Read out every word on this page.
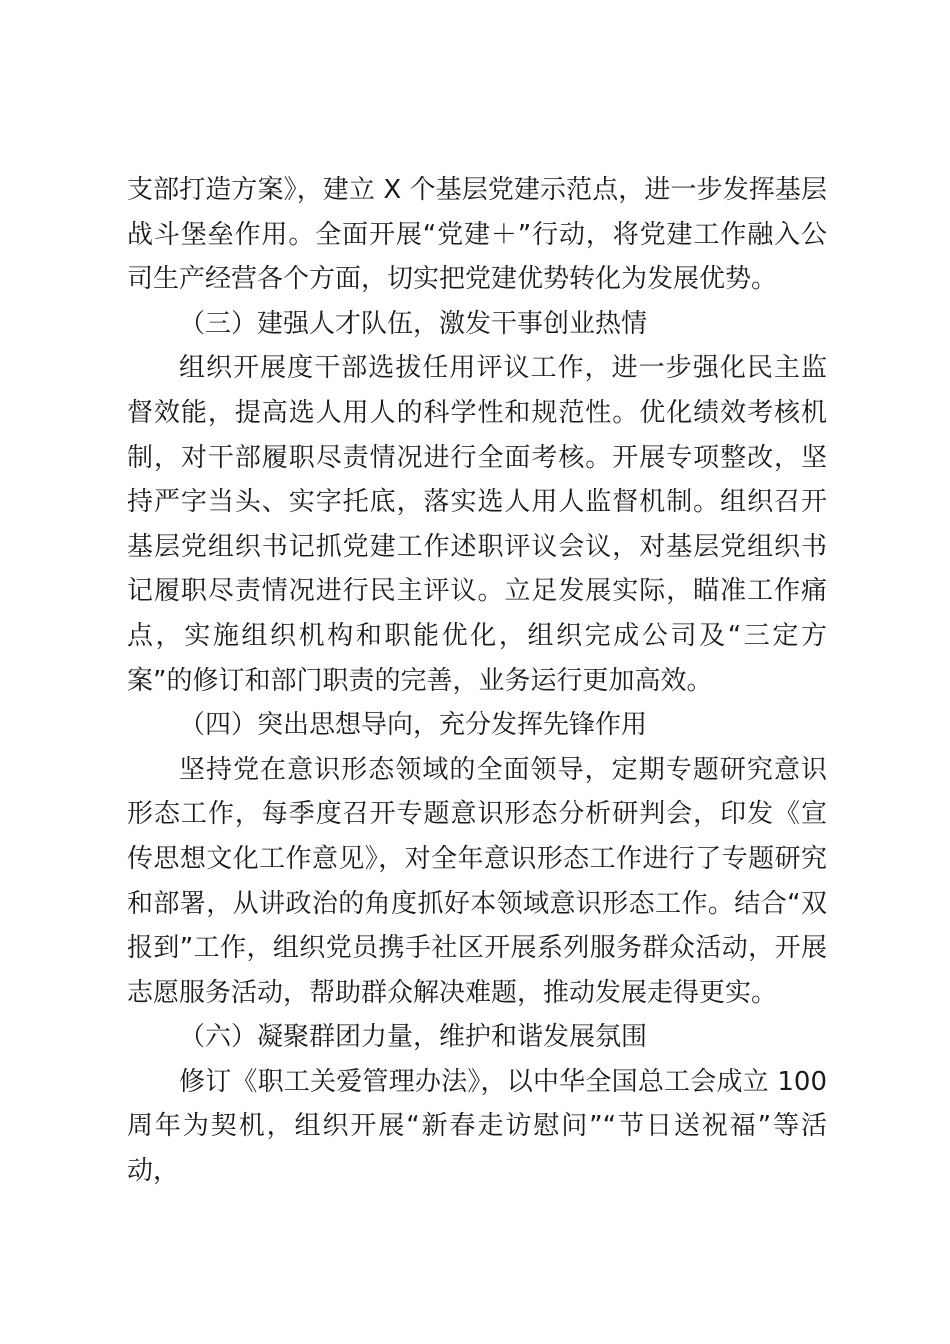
支部打造方案》，建立 X 个基层党建示范点，进一步发挥基层战斗堡垒作用。全面开展“党建＋”行动，将党建工作融入公司生产经营各个方面，切实把党建优势转化为发展优势。

（三）建强人才队伍，激发干事创业热情

组织开展度干部选拔任用评议工作，进一步强化民主监督效能，提高选人用人的科学性和规范性。优化绩效考核机制，对干部履职尽责情况进行全面考核。开展专项整改，坚持严字当头、实字托底，落实选人用人监督机制。组织召开基层党组织书记抓党建工作述职评议会议，对基层党组织书记履职尽责情况进行民主评议。立足发展实际，瞄准工作痛点，实施组织机构和职能优化，组织完成公司及“三定方案”的修订和部门职责的完善，业务运行更加高效。

（四）突出思想导向，充分发挥先锋作用

坚持党在意识形态领域的全面领导，定期专题研究意识形态工作，每季度召开专题意识形态分析研判会，印发《宣传思想文化工作意见》，对全年意识形态工作进行了专题研究和部署，从讲政治的角度抓好本领域意识形态工作。结合“双报到”工作，组织党员携手社区开展系列服务群众活动，开展志愿服务活动，帮助群众解决难题，推动发展走得更实。

（六）凝聚群团力量，维护和谐发展氛围

修订《职工关爱管理办法》，以中华全国总工会成立 100 周年为契机，组织开展“新春走访慰问”“节日送祝福”等活动，
